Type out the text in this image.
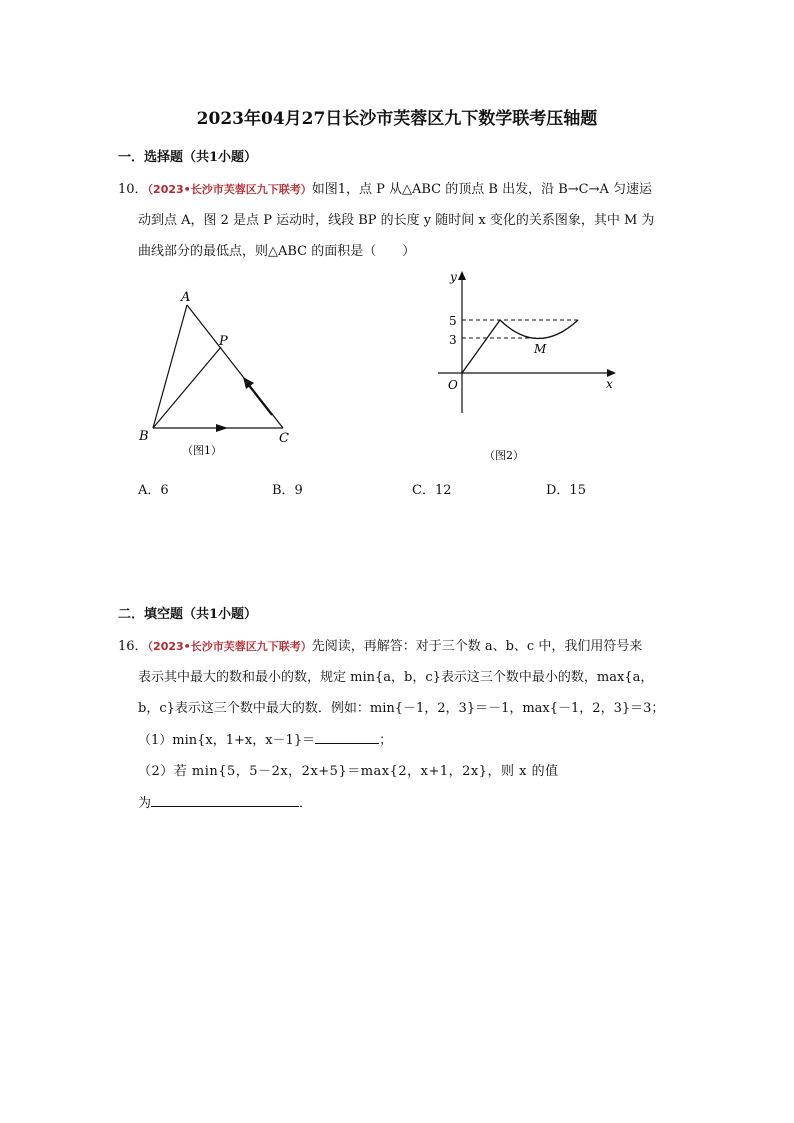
2023年04月27日长沙市芙蓉区九下数学联考压轴题
一．选择题（共1小题）
10．（2023•长沙市芙蓉区九下联考）如图1，点 P 从△ABC 的顶点 B 出发，沿 B→C→A 匀速运
动到点 A，图 2 是点 P 运动时，线段 BP 的长度 y 随时间 x 变化的关系图象，其中 M 为
曲线部分的最低点，则△ABC 的面积是（　　）
A
B	C
P
（图1）
y
x
O
5
3
M
（图2）
A．6	B．9	C．12	D．15
二．填空题（共1小题）
16．（2023•长沙市芙蓉区九下联考）先阅读，再解答：对于三个数 a、b、c 中，我们用符号来
表示其中最大的数和最小的数，规定 min{a，b，c}表示这三个数中最小的数，max{a，
b，c}表示这三个数中最大的数．例如：min{－1，2，3}＝－1，max{－1，2，3}＝3；
（1）min{x，1+x，x－1}＝	；
（2）若 min{5，5－2x，2x+5}＝max{2，x+1，2x}，则 x 的值
为	．
